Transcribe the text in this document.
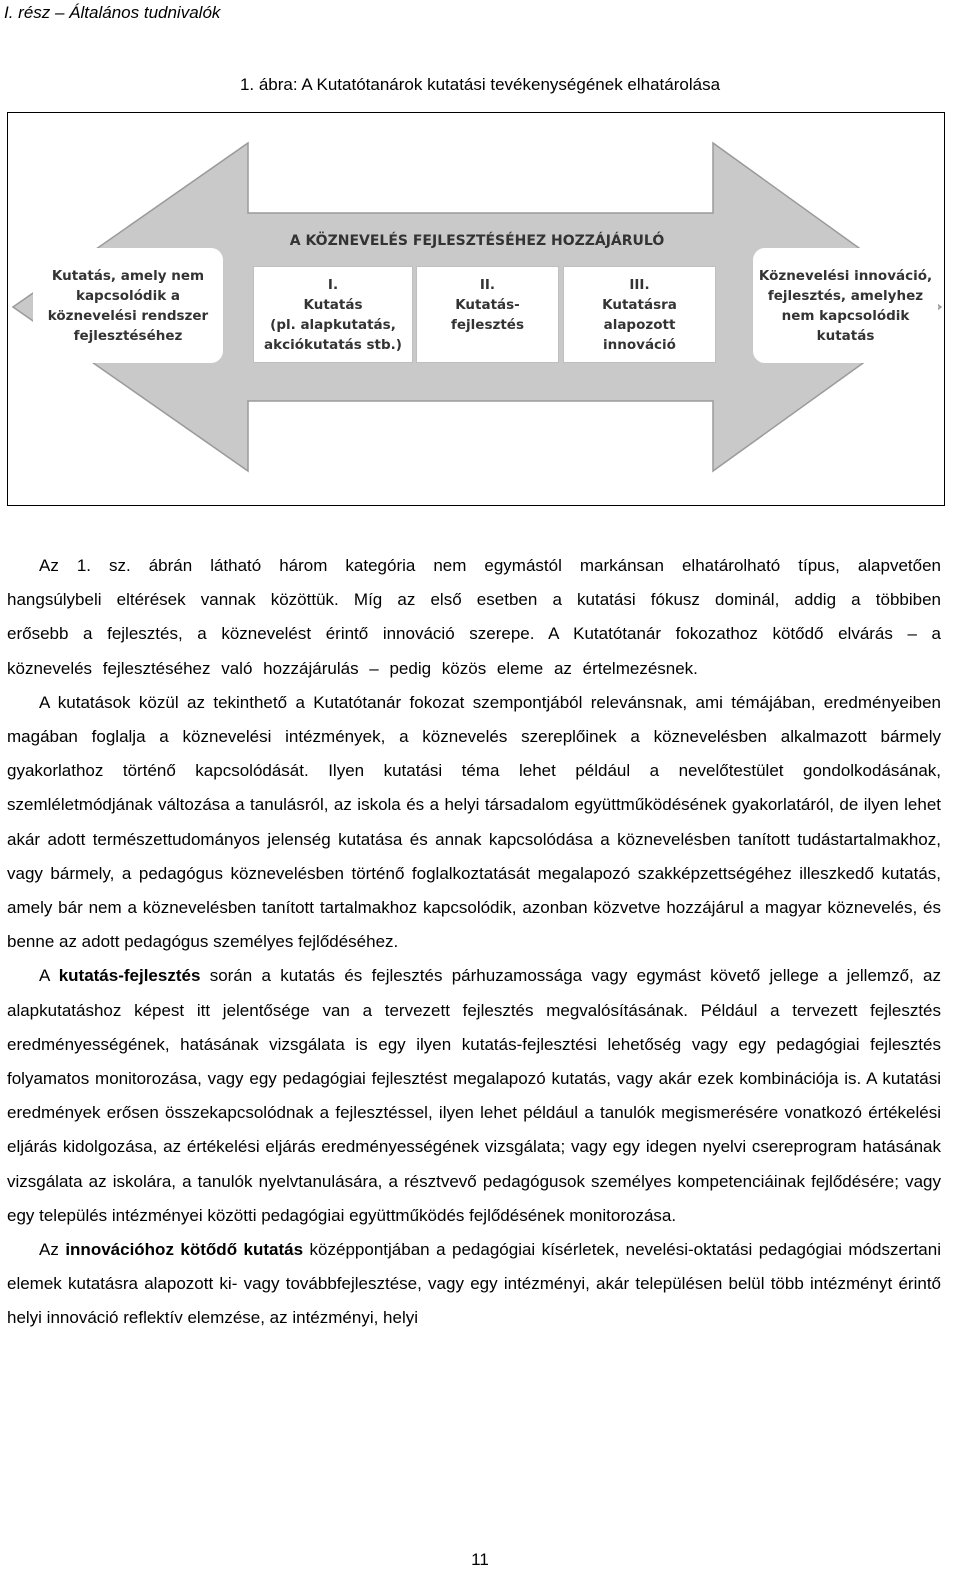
I. rész – Általános tudnivalók
1. ábra: A Kutatótanárok kutatási tevékenységének elhatárolása
A KÖZNEVELÉS FEJLESZTÉSÉHEZ HOZZÁJÁRULÓ
Kutatás, amely nem
kapcsolódik a
köznevelési rendszer
fejlesztéséhez
Köznevelési innováció,
fejlesztés, amelyhez
nem kapcsolódik
kutatás
I.
Kutatás
(pl. alapkutatás,
akciókutatás stb.)
II.
Kutatás-
fejlesztés
III.
Kutatásra alapozott
innováció

Az 1. sz. ábrán látható három kategória nem egymástól markánsan elhatárolható típus, alapvetően hangsúlybeli eltérések vannak közöttük. Míg az első esetben a kutatási fókusz dominál, addig a többiben erősebb a fejlesztés, a köznevelést érintő innováció szerepe. A Kutatótanár fokozathoz kötődő elvárás – a köznevelés fejlesztéséhez való hozzájárulás – pedig közös eleme az értelmezésnek.

A kutatások közül az tekinthető a Kutatótanár fokozat szempontjából relevánsnak, ami témájában, eredményeiben magában foglalja a köznevelési intézmények, a köznevelés szereplőinek a köznevelésben alkalmazott bármely gyakorlathoz történő kapcsolódását. Ilyen kutatási téma lehet például a nevelőtestület gondolkodásának, szemléletmódjának változása a tanulásról, az iskola és a helyi társadalom együttműködésének gyakorlatáról, de ilyen lehet akár adott természettudományos jelenség kutatása és annak kapcsolódása a köznevelésben tanított tudástartalmakhoz, vagy bármely, a pedagógus köznevelésben történő foglalkoztatását megalapozó szakképzettségéhez illeszkedő kutatás, amely bár nem a köznevelésben tanított tartalmakhoz kapcsolódik, azonban közvetve hozzájárul a magyar köznevelés, és benne az adott pedagógus személyes fejlődéséhez.

A kutatás-fejlesztés során a kutatás és fejlesztés párhuzamossága vagy egymást követő jellege a jellemző, az alapkutatáshoz képest itt jelentősége van a tervezett fejlesztés megvalósításának. Például a tervezett fejlesztés eredményességének, hatásának vizsgálata is egy ilyen kutatás-fejlesztési lehetőség vagy egy pedagógiai fejlesztés folyamatos monitorozása, vagy egy pedagógiai fejlesztést megalapozó kutatás, vagy akár ezek kombinációja is. A kutatási eredmények erősen összekapcsolódnak a fejlesztéssel, ilyen lehet például a tanulók megismerésére vonatkozó értékelési eljárás kidolgozása, az értékelési eljárás eredményességének vizsgálata; vagy egy idegen nyelvi csereprogram hatásának vizsgálata az iskolára, a tanulók nyelvtanulására, a résztvevő pedagógusok személyes kompetenciáinak fejlődésére; vagy egy település intézményei közötti pedagógiai együttműködés fejlődésének monitorozása.

Az innovációhoz kötődő kutatás középpontjában a pedagógiai kísérletek, nevelési-oktatási pedagógiai módszertani elemek kutatásra alapozott ki- vagy továbbfejlesztése, vagy egy intézményi, akár településen belül több intézményt érintő helyi innováció reflektív elemzése, az intézményi, helyi

11
